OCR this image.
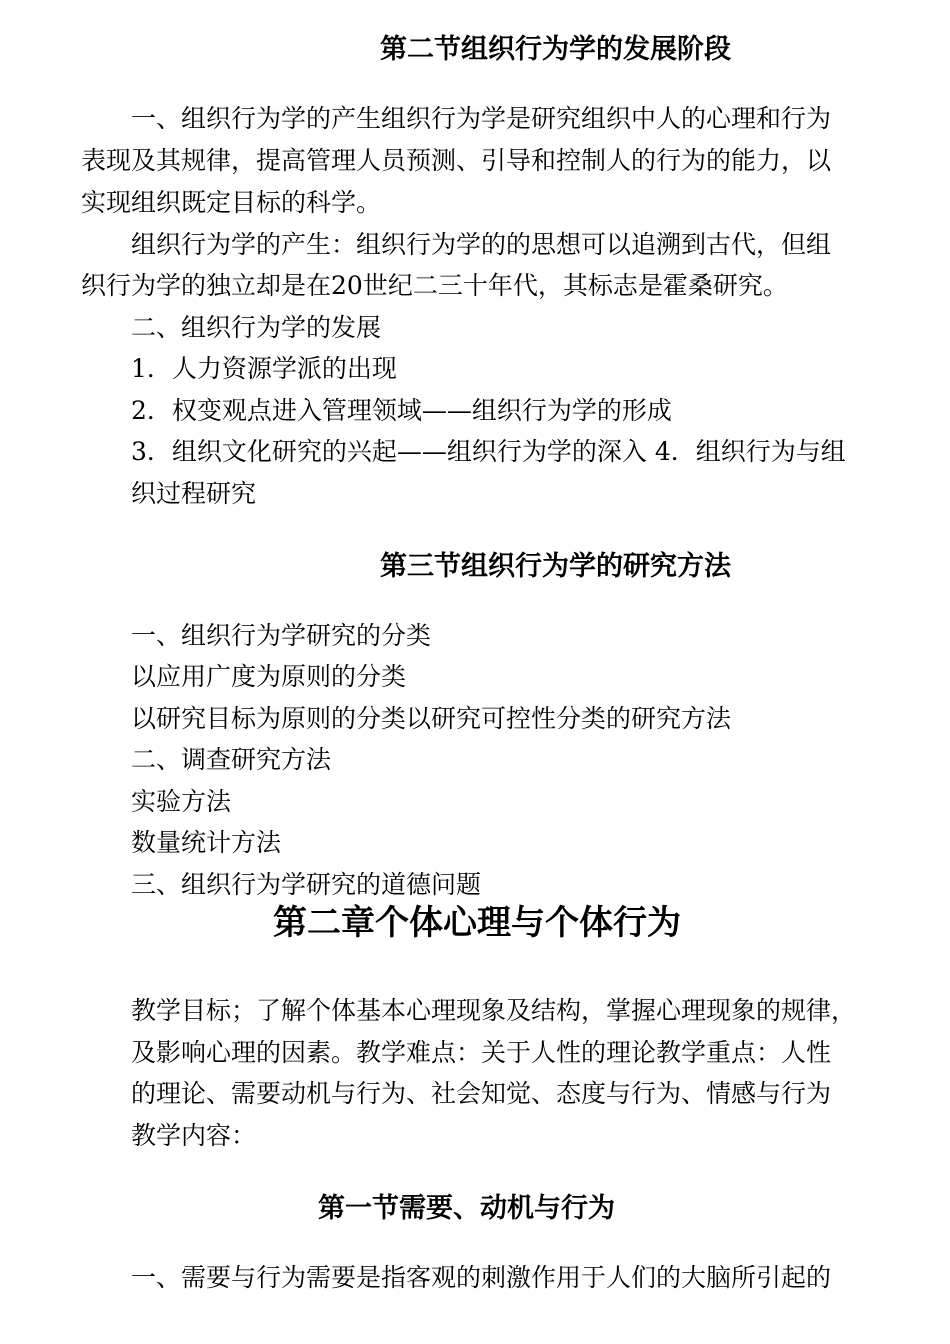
第二节组织行为学的发展阶段
一、组织行为学的产生组织行为学是研究组织中人的心理和行为
表现及其规律，提高管理人员预测、引导和控制人的行为的能力，以
实现组织既定目标的科学。
组织行为学的产生：组织行为学的的思想可以追溯到古代，但组
织行为学的独立却是在20世纪二三十年代，其标志是霍桑研究。
二、组织行为学的发展
1．人力资源学派的出现
2．权变观点进入管理领域——组织行为学的形成
3．组织文化研究的兴起——组织行为学的深入 4．组织行为与组
织过程研究
第三节组织行为学的研究方法
一、组织行为学研究的分类
以应用广度为原则的分类
以研究目标为原则的分类以研究可控性分类的研究方法
二、调查研究方法
实验方法
数量统计方法
三、组织行为学研究的道德问题
第二章个体心理与个体行为
教学目标；了解个体基本心理现象及结构，掌握心理现象的规律，
及影响心理的因素。教学难点：关于人性的理论教学重点：人性
的理论、需要动机与行为、社会知觉、态度与行为、情感与行为
教学内容：
第一节需要、动机与行为
一、需要与行为需要是指客观的刺激作用于人们的大脑所引起的
